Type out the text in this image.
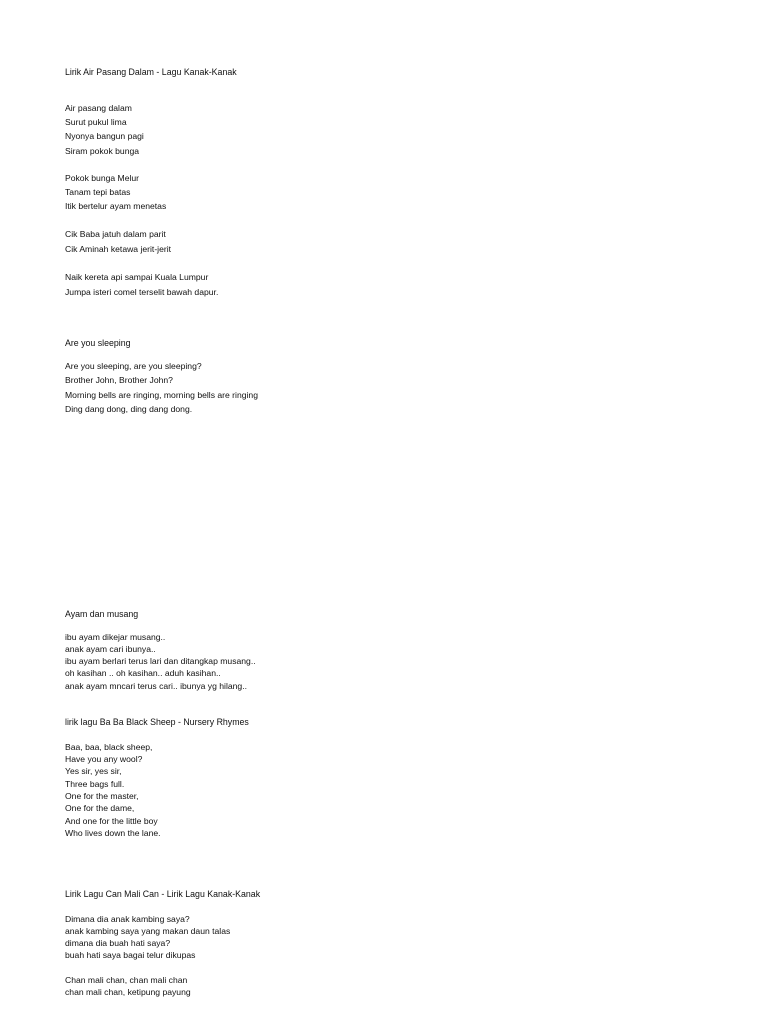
Lirik Air Pasang Dalam - Lagu Kanak-Kanak

Air pasang dalam

Surut pukul lima

Nyonya bangun pagi

Siram pokok bunga

Pokok bunga Melur

Tanam tepi batas

Itik bertelur ayam menetas

Cik Baba jatuh dalam parit

Cik Aminah ketawa jerit-jerit

Naik kereta api sampai Kuala Lumpur

Jumpa isteri comel terselit bawah dapur.

Are you sleeping

Are you sleeping, are you sleeping?

Brother John, Brother John?

Morning bells are ringing, morning bells are ringing

Ding dang dong, ding dang dong.

Ayam dan musang

ibu ayam dikejar musang..

anak ayam cari ibunya..

ibu ayam berlari terus lari dan ditangkap musang..

oh kasihan .. oh kasihan.. aduh kasihan..

anak ayam mncari terus cari.. ibunya yg hilang..

lirik lagu Ba Ba Black Sheep - Nursery Rhymes

Baa, baa, black sheep,

Have you any wool?

Yes sir, yes sir,

Three bags full.

One for the master,

One for the dame,

And one for the little boy

Who lives down the lane.

Lirik Lagu Can Mali Can - Lirik Lagu Kanak-Kanak

Dimana dia anak kambing saya?

anak kambing saya yang makan daun talas

dimana dia buah hati saya?

buah hati saya bagai telur dikupas

Chan mali chan, chan mali chan

chan mali chan, ketipung payung
